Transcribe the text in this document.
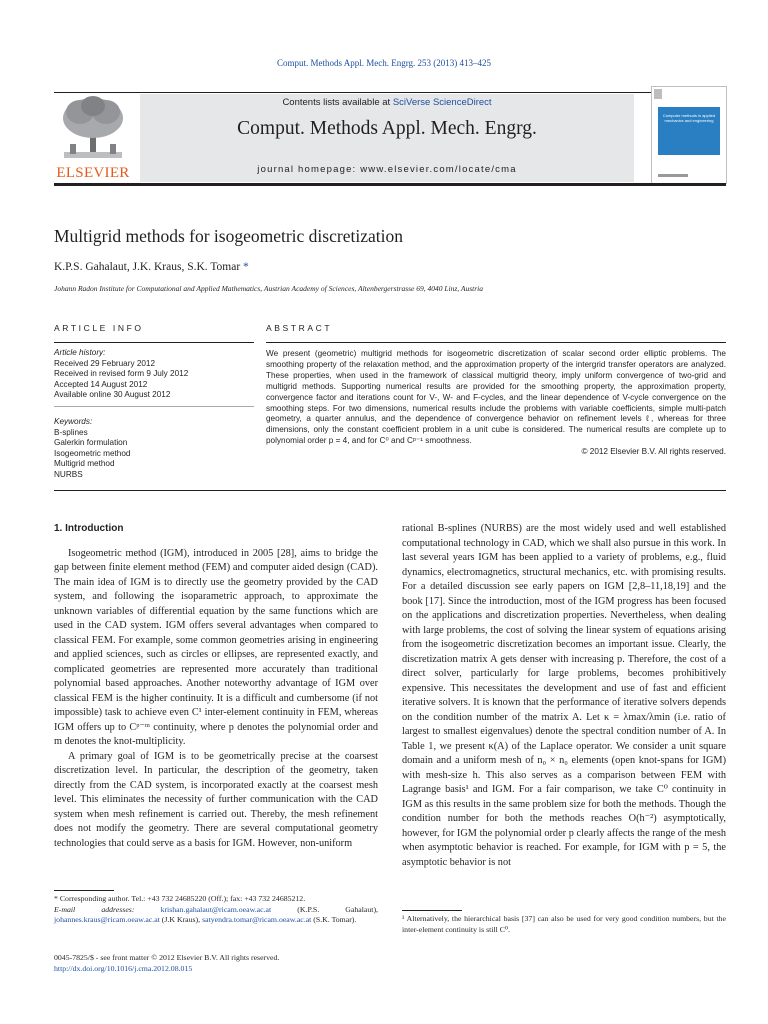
Comput. Methods Appl. Mech. Engrg. 253 (2013) 413–425
ELSEVIER
Contents lists available at SciVerse ScienceDirect
Comput. Methods Appl. Mech. Engrg.
journal homepage: www.elsevier.com/locate/cma
Computer methods in applied mechanics and engineering
Multigrid methods for isogeometric discretization
K.P.S. Gahalaut, J.K. Kraus, S.K. Tomar *
Johann Radon Institute for Computational and Applied Mathematics, Austrian Academy of Sciences, Altenbergerstrasse 69, 4040 Linz, Austria
ARTICLE INFO	ABSTRACT
Article history:
Received 29 February 2012
Received in revised form 9 July 2012
Accepted 14 August 2012
Available online 30 August 2012
Keywords:
B-splines
Galerkin formulation
Isogeometric method
Multigrid method
NURBS
We present (geometric) multigrid methods for isogeometric discretization of scalar second order elliptic problems. The smoothing property of the relaxation method, and the approximation property of the intergrid transfer operators are analyzed. These properties, when used in the framework of classical multigrid theory, imply uniform convergence of two-grid and multigrid methods. Supporting numerical results are provided for the smoothing property, the approximation property, convergence factor and iterations count for V-, W- and F-cycles, and the linear dependence of V-cycle convergence on the smoothing steps. For two dimensions, numerical results include the problems with variable coefficients, simple multi-patch geometry, a quarter annulus, and the dependence of convergence behavior on refinement levels ℓ, whereas for three dimensions, only the constant coefficient problem in a unit cube is considered. The numerical results are complete up to polynomial order p = 4, and for C⁰ and Cᵖ⁻¹ smoothness.
© 2012 Elsevier B.V. All rights reserved.
1. Introduction

Isogeometric method (IGM), introduced in 2005 [28], aims to bridge the gap between finite element method (FEM) and computer aided design (CAD). The main idea of IGM is to directly use the geometry provided by the CAD system, and following the isoparametric approach, to approximate the unknown variables of differential equation by the same functions which are used in the CAD system. IGM offers several advantages when compared to classical FEM. For example, some common geometries arising in engineering and applied sciences, such as circles or ellipses, are represented exactly, and complicated geometries are represented more accurately than traditional polynomial based approaches. Another noteworthy advantage of IGM over classical FEM is the higher continuity. It is a difficult and cumbersome (if not impossible) task to achieve even C¹ inter-element continuity in FEM, whereas IGM offers up to Cᵖ⁻ᵐ continuity, where p denotes the polynomial order and m denotes the knot-multiplicity.

A primary goal of IGM is to be geometrically precise at the coarsest discretization level. In particular, the description of the geometry, taken directly from the CAD system, is incorporated exactly at the coarsest mesh level. This eliminates the necessity of further communication with the CAD system when mesh refinement is carried out. Thereby, the mesh refinement does not modify the geometry. There are several computational geometry technologies that could serve as a basis for IGM. However, non-uniform

rational B-splines (NURBS) are the most widely used and well established computational technology in CAD, which we shall also pursue in this work. In last several years IGM has been applied to a variety of problems, e.g., fluid dynamics, electromagnetics, structural mechanics, etc. with promising results. For a detailed discussion see early papers on IGM [2,8–11,18,19] and the book [17]. Since the introduction, most of the IGM progress has been focused on the applications and discretization properties. Nevertheless, when dealing with large problems, the cost of solving the linear system of equations arising from the isogeometric discretization becomes an important issue. Clearly, the discretization matrix A gets denser with increasing p. Therefore, the cost of a direct solver, particularly for large problems, becomes prohibitively expensive. This necessitates the development and use of fast and efficient iterative solvers. It is known that the performance of iterative solvers depends on the condition number of the matrix A. Let κ = λmax/λmin (i.e. ratio of largest to smallest eigenvalues) denote the spectral condition number of A. In Table 1, we present κ(A) of the Laplace operator. We consider a unit square domain and a uniform mesh of n₀ × n₀ elements (open knot-spans for IGM) with mesh-size h. This also serves as a comparison between FEM with Lagrange basis¹ and IGM. For a fair comparison, we take C⁰ continuity in IGM as this results in the same problem size for both the methods. Though the condition number for both the methods reaches O(h⁻²) asymptotically, however, for IGM the polynomial order p clearly affects the range of the mesh when asymptotic behavior is reached. For example, for IGM with p = 5, the asymptotic behavior is not

* Corresponding author. Tel.: +43 732 24685220 (Off.); fax: +43 732 24685212.
E-mail addresses:	krishan.gahalaut@ricam.oeaw.ac.at	(K.P.S. Gahalaut), johannes.kraus@ricam.oeaw.ac.at (J.K Kraus), satyendra.tomar@ricam.oeaw.ac.at (S.K. Tomar).	¹ Alternatively, the hierarchical basis [37] can also be used for very good condition numbers, but the inter-element continuity is still C⁰.
0045-7825/$ - see front matter © 2012 Elsevier B.V. All rights reserved.
http://dx.doi.org/10.1016/j.cma.2012.08.015
